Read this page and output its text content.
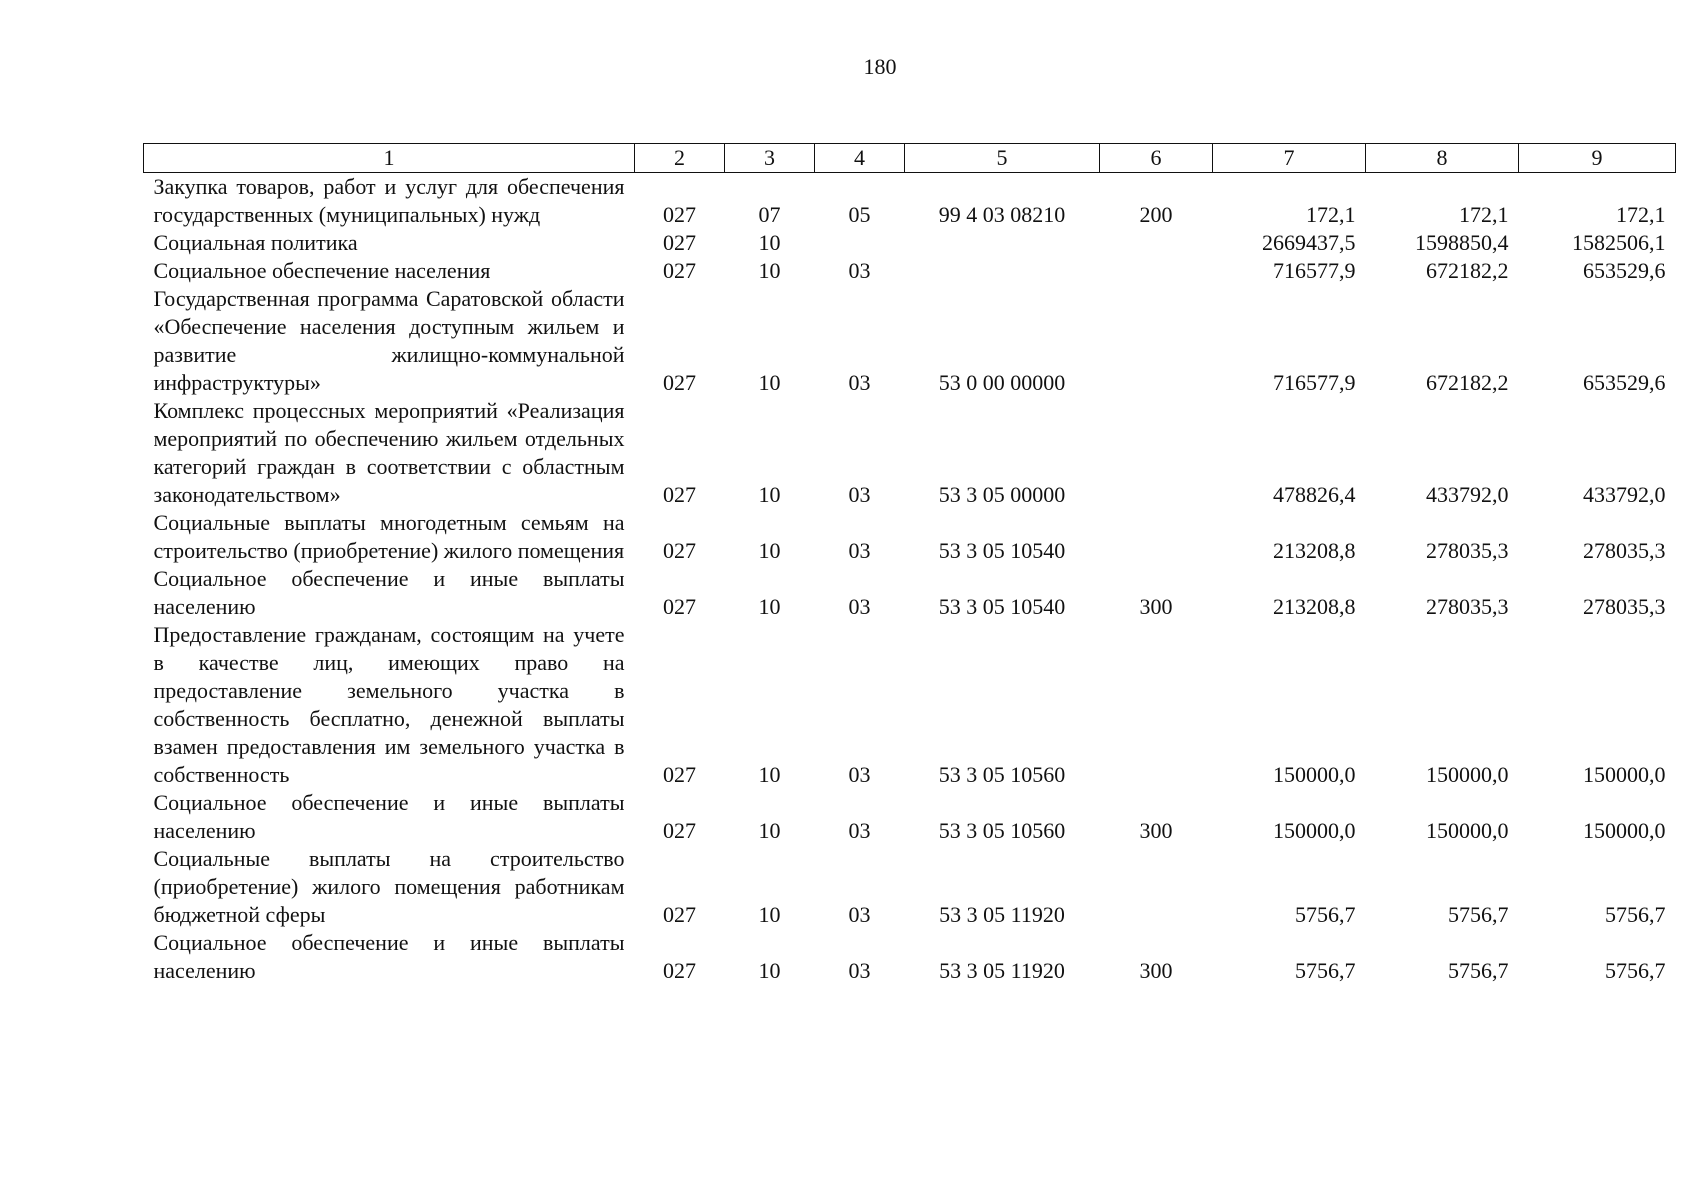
180
1	2	3	4	5	6	7	8	9
Закупка товаров, работ и услуг для обеспечения государственных (муниципальных) нужд	027	07	05	99 4 03 08210	200	172,1	172,1	172,1
Социальная политика	027	10				2669437,5	1598850,4	1582506,1
Социальное обеспечение населения	027	10	03			716577,9	672182,2	653529,6
Государственная программа Саратовской области «Обеспечение населения доступным жильем и развитие жилищно-коммунальной инфраструктуры»	027	10	03	53 0 00 00000		716577,9	672182,2	653529,6
Комплекс процессных мероприятий «Реализация мероприятий по обеспечению жильем отдельных категорий граждан в соответствии с областным законодательством»	027	10	03	53 3 05 00000		478826,4	433792,0	433792,0
Социальные выплаты многодетным семьям на строительство (приобретение) жилого помещения	027	10	03	53 3 05 10540		213208,8	278035,3	278035,3
Социальное обеспечение и иные выплаты населению	027	10	03	53 3 05 10540	300	213208,8	278035,3	278035,3
Предоставление гражданам, состоящим на учете в качестве лиц, имеющих право на предоставление земельного участка в собственность бесплатно, денежной выплаты взамен предоставления им земельного участка в собственность	027	10	03	53 3 05 10560		150000,0	150000,0	150000,0
Социальное обеспечение и иные выплаты населению	027	10	03	53 3 05 10560	300	150000,0	150000,0	150000,0
Социальные выплаты на строительство (приобретение) жилого помещения работникам бюджетной сферы	027	10	03	53 3 05 11920		5756,7	5756,7	5756,7
Социальное обеспечение и иные выплаты населению	027	10	03	53 3 05 11920	300	5756,7	5756,7	5756,7
